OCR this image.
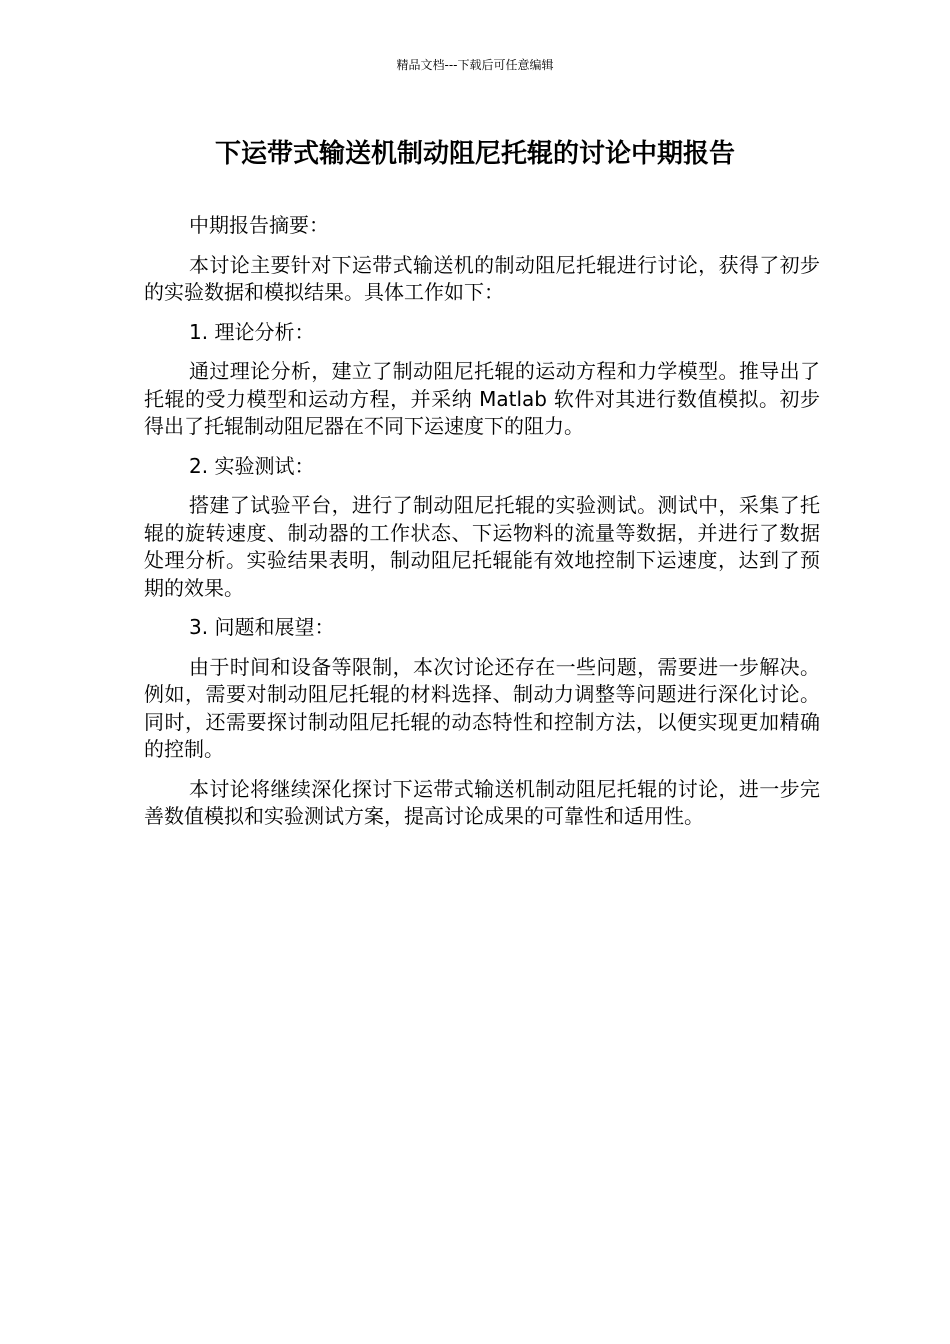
精品文档---下载后可任意编辑
下运带式输送机制动阻尼托辊的讨论中期报告

中期报告摘要：

本讨论主要针对下运带式输送机的制动阻尼托辊进行讨论，获得了初步的实验数据和模拟结果。具体工作如下：

1. 理论分析：

通过理论分析，建立了制动阻尼托辊的运动方程和力学模型。推导出了托辊的受力模型和运动方程，并采纳 Matlab 软件对其进行数值模拟。初步得出了托辊制动阻尼器在不同下运速度下的阻力。

2. 实验测试：

搭建了试验平台，进行了制动阻尼托辊的实验测试。测试中，采集了托辊的旋转速度、制动器的工作状态、下运物料的流量等数据，并进行了数据处理分析。实验结果表明，制动阻尼托辊能有效地控制下运速度，达到了预期的效果。

3. 问题和展望：

由于时间和设备等限制，本次讨论还存在一些问题，需要进一步解决。例如，需要对制动阻尼托辊的材料选择、制动力调整等问题进行深化讨论。同时，还需要探讨制动阻尼托辊的动态特性和控制方法，以便实现更加精确的控制。

本讨论将继续深化探讨下运带式输送机制动阻尼托辊的讨论，进一步完善数值模拟和实验测试方案，提高讨论成果的可靠性和适用性。
